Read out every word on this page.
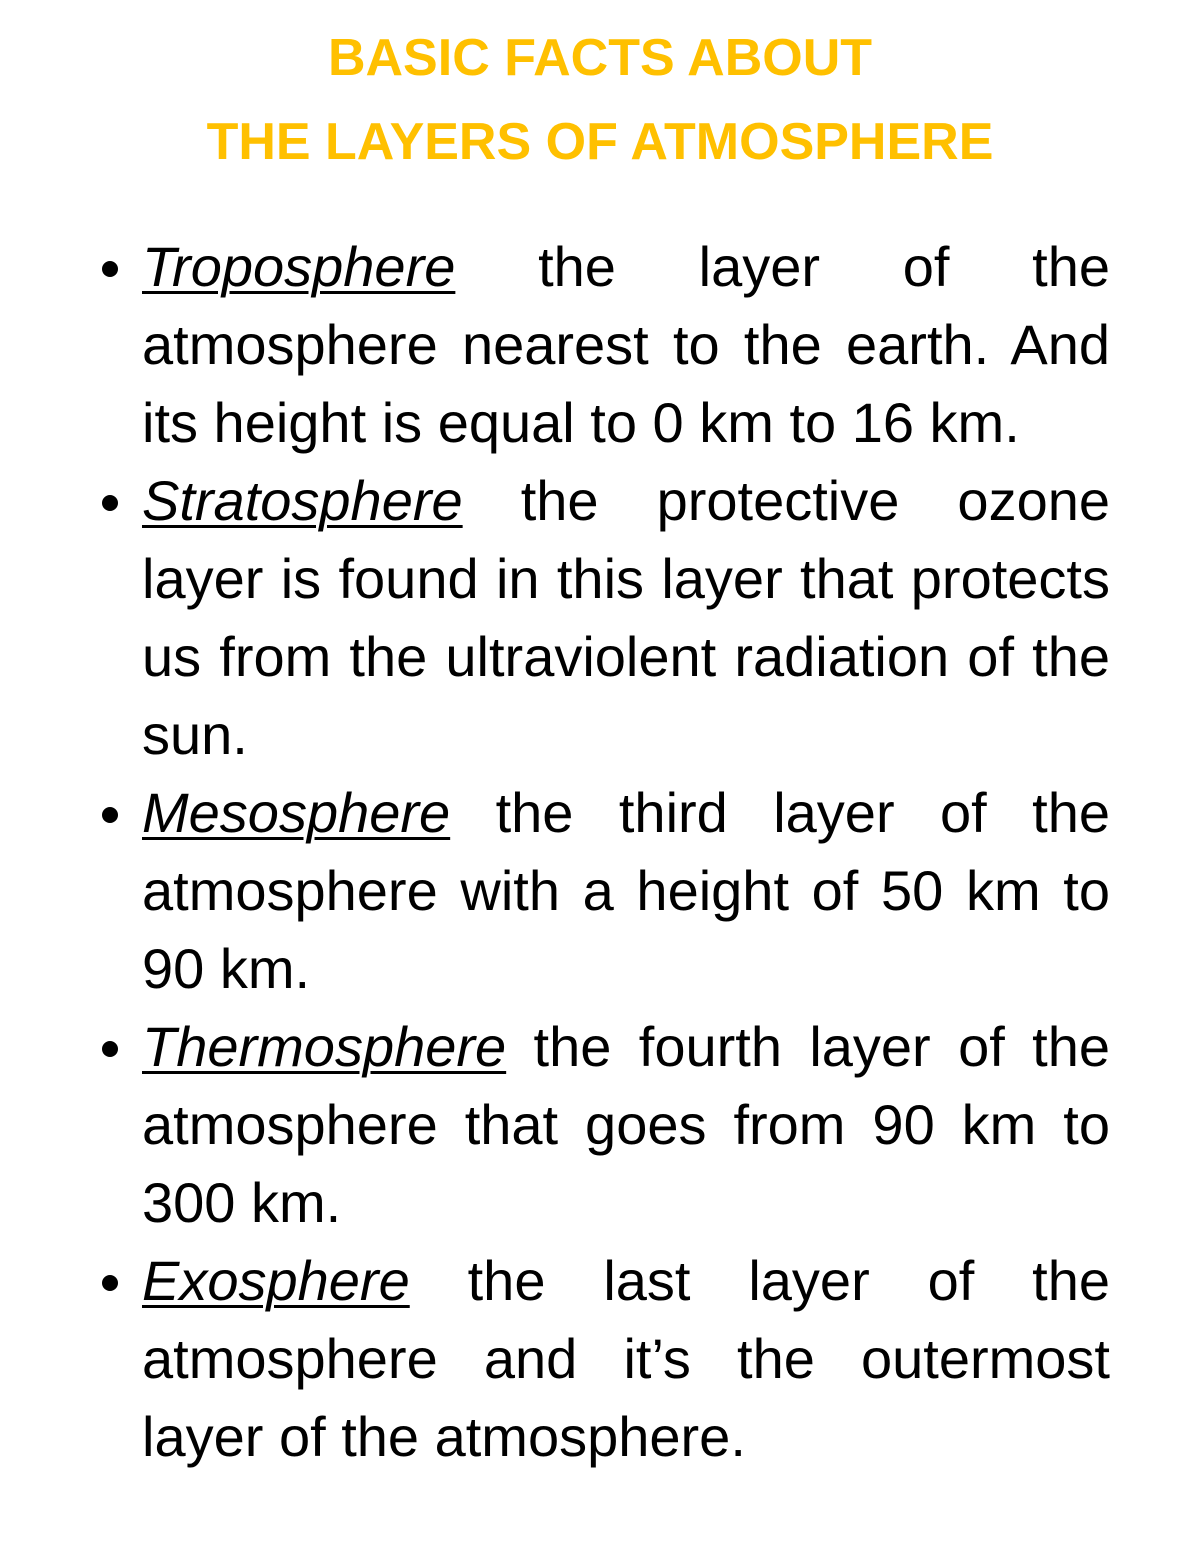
BASIC FACTS ABOUT
THE LAYERS OF ATMOSPHERE
Troposphere the layer of the atmosphere nearest to the earth. And its height is equal to 0 km to 16 km.
Stratosphere the protective ozone layer is found in this layer that protects us from the ultraviolent radiation of the sun.
Mesosphere the third layer of the atmosphere with a height of 50 km to 90 km.
Thermosphere the fourth layer of the atmosphere that goes from 90 km to 300 km.
Exosphere the last layer of the atmosphere and it’s the outermost layer of the atmosphere.
